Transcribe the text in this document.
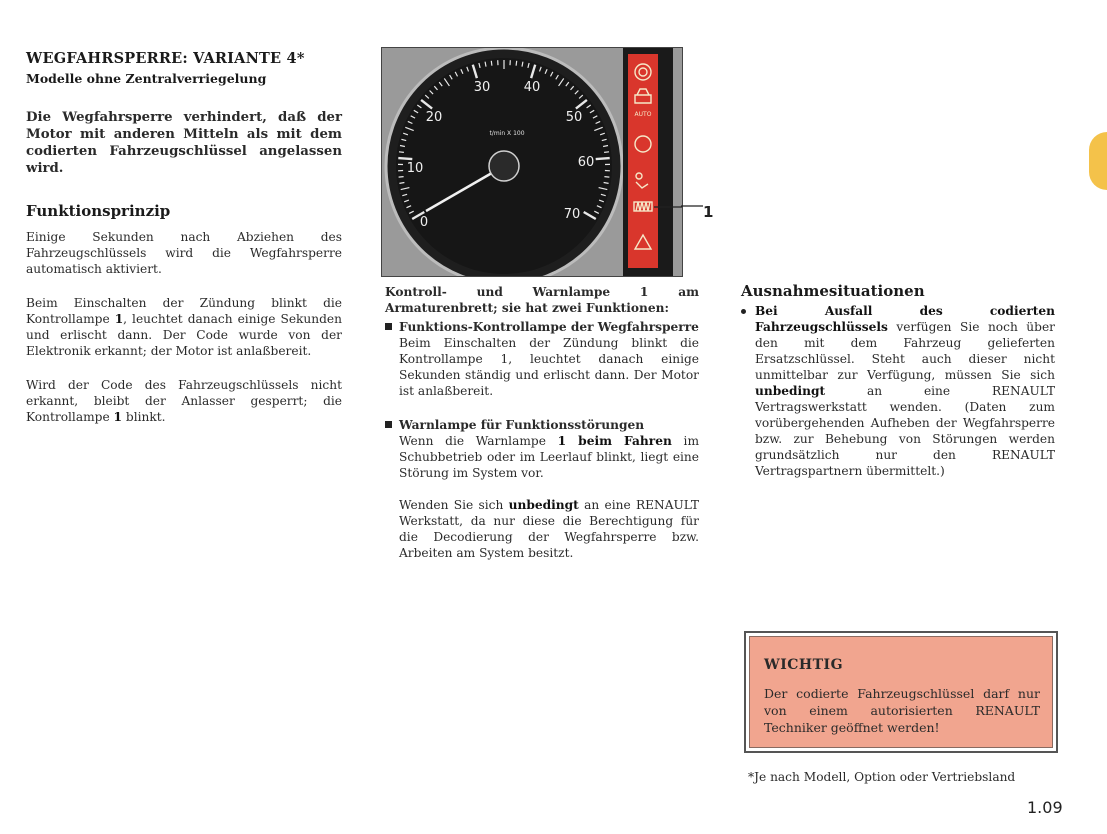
WEGFAHRSPERRE: VARIANTE 4*

Modelle ohne Zentralverriegelung

Die Wegfahrsperre verhindert, daß der Motor mit anderen Mitteln als mit dem codierten Fahrzeugschlüssel angelassen wird.

Funktionsprinzip

Einige Sekunden nach Abziehen des Fahrzeugschlüssels wird die Wegfahrsperre automatisch aktiviert.

Beim Einschalten der Zündung blinkt die Kontrollampe 1, leuchtet danach einige Sekunden und erlischt dann. Der Code wurde von der Elektronik erkannt; der Motor ist anlaßbereit.

Wird der Code des Fahrzeugschlüssels nicht erkannt, bleibt der Anlasser gesperrt; die Kontrollampe 1 blinkt.

0
10
20
30	40
50
60
70
t/min X 100
AUTO
1

Kontroll- und Warnlampe 1 am Armaturenbrett; sie hat zwei Funktionen:

Funktions-Kontrollampe der Wegfahrsperre

Beim Einschalten der Zündung blinkt die Kontrollampe 1, leuchtet danach einige Sekunden ständig und erlischt dann. Der Motor ist anlaßbereit.

Warnlampe für Funktionsstörungen

Wenn die Warnlampe 1 beim Fahren im Schubbetrieb oder im Leerlauf blinkt, liegt eine Störung im System vor.

Wenden Sie sich unbedingt an eine RENAULT Werkstatt, da nur diese die Berechtigung für die Decodierung der Wegfahrsperre bzw. Arbeiten am System besitzt.

Ausnahmesituationen

Bei Ausfall des codierten Fahrzeugschlüssels verfügen Sie noch über den mit dem Fahrzeug gelieferten Ersatzschlüssel. Steht auch dieser nicht unmittelbar zur Verfügung, müssen Sie sich unbedingt an eine RENAULT Vertragswerkstatt wenden. (Daten zum vorübergehenden Aufheben der Wegfahrsperre bzw. zur Behebung von Störungen werden grundsätzlich nur den RENAULT Vertragspartnern übermittelt.)

WICHTIG

Der codierte Fahrzeugschlüssel darf nur von einem autorisierten RENAULT Techniker geöffnet werden!

*Je nach Modell, Option oder Vertriebsland
1.09
